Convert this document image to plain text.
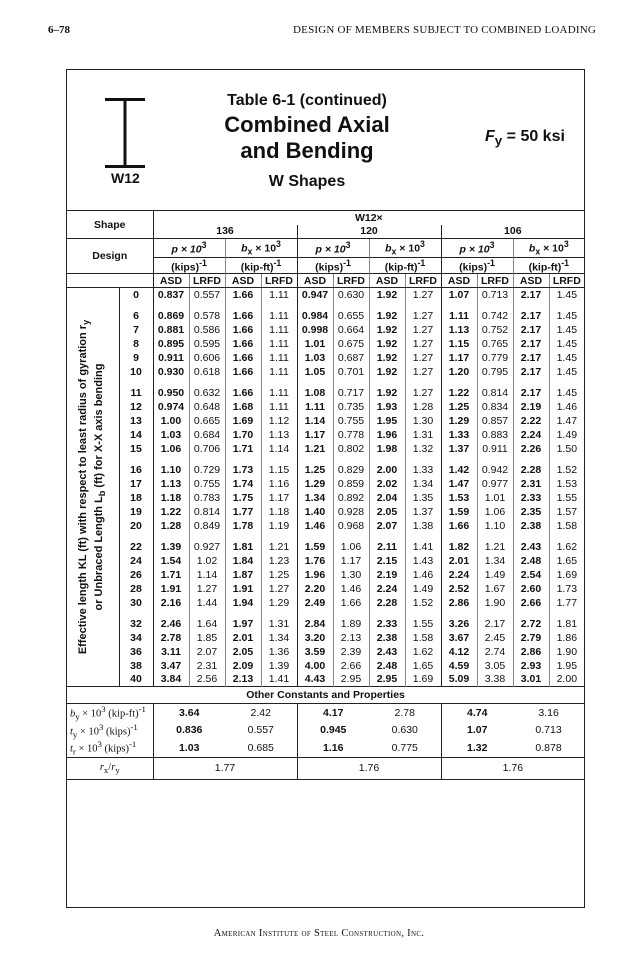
6–78	DESIGN OF MEMBERS SUBJECT TO COMBINED LOADING
W12
Table 6-1 (continued)
Combined Axial
and Bending
W Shapes
$F_y = 50$ ksi
Shape		W12×											
		136				120				106			
Design		$p \times 10^3$		$b_x \times 10^3$		$p \times 10^3$		$b_x \times 10^3$		$p \times 10^3$		$b_x \times 10^3$
		(kips)$^{-1}$		$(kip-ft)^{-1}$		(kips)$^{-1}$		$(kip-ft)^{-1}$		(kips)$^{-1}$		$(kip-ft)^{-1}$
		ASD	LRFD	ASD	LRFD	ASD	LRFD	ASD	LRFD	ASD	LRFD	ASD	LRFD

Effective length KL (ft) with respect to least radius of gyration $r_y$
or Unbraced Length $L_b$ (ft) for X-X axis bending	0	0.837	0.557	1.66	1.11	0.947	0.630	1.92	1.27	1.07	0.713	2.17	1.45

	6	0.869	0.578	1.66	1.11	0.984	0.655	1.92	1.27	1.11	0.742	2.17	1.45
	7	0.881	0.586	1.66	1.11	0.998	0.664	1.92	1.27	1.13	0.752	2.17	1.45
	8	0.895	0.595	1.66	1.11	1.01	0.675	1.92	1.27	1.15	0.765	2.17	1.45
	9	0.911	0.606	1.66	1.11	1.03	0.687	1.92	1.27	1.17	0.779	2.17	1.45
	10	0.930	0.618	1.66	1.11	1.05	0.701	1.92	1.27	1.20	0.795	2.17	1.45

	11	0.950	0.632	1.66	1.11	1.08	0.717	1.92	1.27	1.22	0.814	2.17	1.45
	12	0.974	0.648	1.68	1.11	1.11	0.735	1.93	1.28	1.25	0.834	2.19	1.46
	13	1.00	0.665	1.69	1.12	1.14	0.755	1.95	1.30	1.29	0.857	2.22	1.47
	14	1.03	0.684	1.70	1.13	1.17	0.778	1.96	1.31	1.33	0.883	2.24	1.49
	15	1.06	0.706	1.71	1.14	1.21	0.802	1.98	1.32	1.37	0.911	2.26	1.50

	16	1.10	0.729	1.73	1.15	1.25	0.829	2.00	1.33	1.42	0.942	2.28	1.52
	17	1.13	0.755	1.74	1.16	1.29	0.859	2.02	1.34	1.47	0.977	2.31	1.53
	18	1.18	0.783	1.75	1.17	1.34	0.892	2.04	1.35	1.53	1.01	2.33	1.55
	19	1.22	0.814	1.77	1.18	1.40	0.928	2.05	1.37	1.59	1.06	2.35	1.57
	20	1.28	0.849	1.78	1.19	1.46	0.968	2.07	1.38	1.66	1.10	2.38	1.58

	22	1.39	0.927	1.81	1.21	1.59	1.06	2.11	1.41	1.82	1.21	2.43	1.62
	24	1.54	1.02	1.84	1.23	1.76	1.17	2.15	1.43	2.01	1.34	2.48	1.65
	26	1.71	1.14	1.87	1.25	1.96	1.30	2.19	1.46	2.24	1.49	2.54	1.69
	28	1.91	1.27	1.91	1.27	2.20	1.46	2.24	1.49	2.52	1.67	2.60	1.73
	30	2.16	1.44	1.94	1.29	2.49	1.66	2.28	1.52	2.86	1.90	2.66	1.77

	32	2.46	1.64	1.97	1.31	2.84	1.89	2.33	1.55	3.26	2.17	2.72	1.81
	34	2.78	1.85	2.01	1.34	3.20	2.13	2.38	1.58	3.67	2.45	2.79	1.86
	36	3.11	2.07	2.05	1.36	3.59	2.39	2.43	1.62	4.12	2.74	2.86	1.90
	38	3.47	2.31	2.09	1.39	4.00	2.66	2.48	1.65	4.59	3.05	2.93	1.95
	40	3.84	2.56	2.13	1.41	4.43	2.95	2.95	1.69	5.09	3.38	3.01	2.00
Other Constants and Properties													
$b_y \times 10^3$ $(kip-ft)^{-1}$		3.64		2.42		4.17		2.78		4.74		3.16	
$t_y \times 10^3$ (kips)$^{-1}$		0.836		0.557		0.945		0.630		1.07		0.713	
$t_r \times 10^3$ (kips)$^{-1}$		1.03		0.685		1.16		0.775		1.32		0.878	
$r_x/r_y$		1.77				1.76				1.76			
American Institute of Steel Construction, Inc.
